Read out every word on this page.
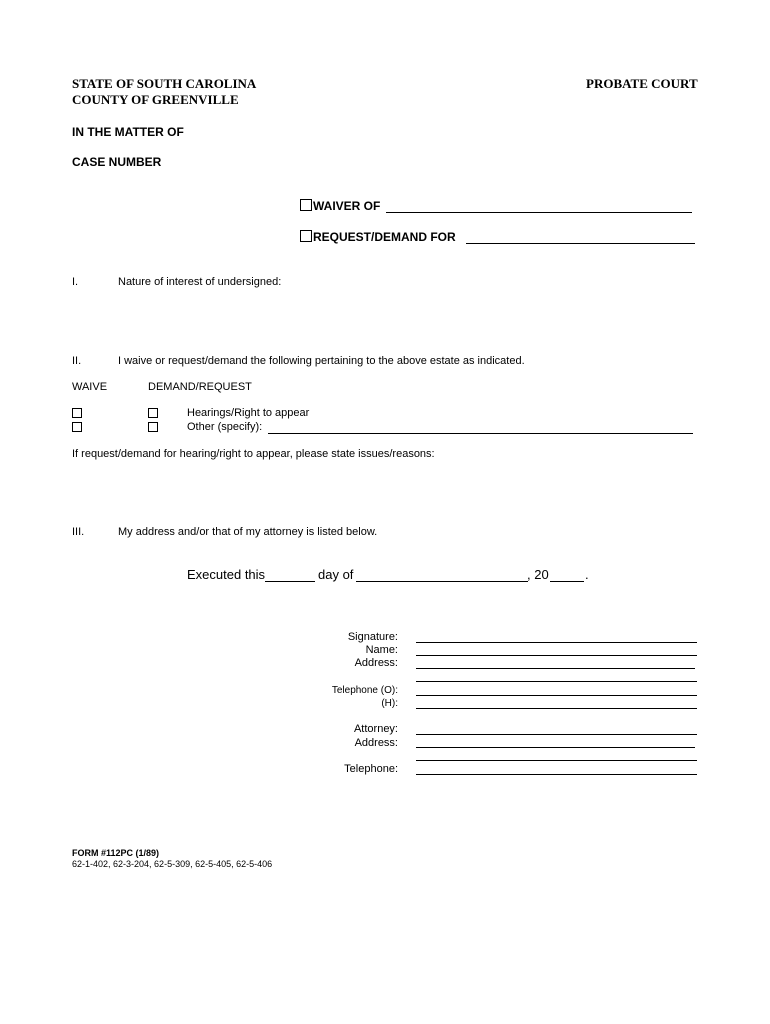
STATE OF SOUTH CAROLINA
COUNTY OF GREENVILLE
PROBATE COURT
IN THE MATTER OF
CASE NUMBER
WAIVER OF
REQUEST/DEMAND FOR
I.	Nature of interest of undersigned:
II.	I waive or request/demand the following pertaining to the above estate as indicated.
WAIVE	DEMAND/REQUEST
Hearings/Right to appear
Other (specify):
If request/demand for hearing/right to appear, please state issues/reasons:
III.	My address and/or that of my attorney is listed below.
Executed this	day of	, 20	.
Signature:
Name:
Address:
Telephone (O):
(H):
Attorney:
Address:
Telephone:
FORM #112PC (1/89)
62-1-402, 62-3-204, 62-5-309, 62-5-405, 62-5-406
